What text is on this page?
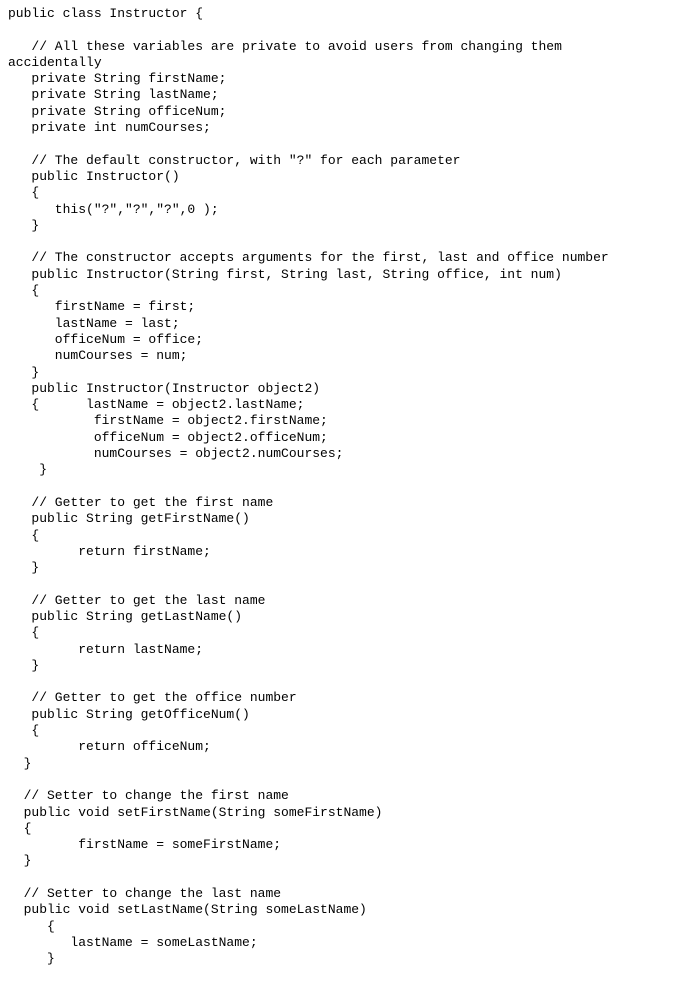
public class Instructor {
// All these variables are private to avoid users from changing them
accidentally
private String firstName;
private String lastName;
private String officeNum;
private int numCourses;
// The default constructor, with "?" for each parameter
public Instructor()
{
this("?","?","?",0 );
}
// The constructor accepts arguments for the first, last and office number
public Instructor(String first, String last, String office, int num)
{
firstName = first;
lastName = last;
officeNum = office;
numCourses = num;
}
public Instructor(Instructor object2)
{      lastName = object2.lastName;
firstName = object2.firstName;
officeNum = object2.officeNum;
numCourses = object2.numCourses;
}
// Getter to get the first name
public String getFirstName()
{
return firstName;
}
// Getter to get the last name
public String getLastName()
{
return lastName;
}
// Getter to get the office number
public String getOfficeNum()
{
return officeNum;
}
// Setter to change the first name
public void setFirstName(String someFirstName)
{
firstName = someFirstName;
}
// Setter to change the last name
public void setLastName(String someLastName)
{
lastName = someLastName;
}
